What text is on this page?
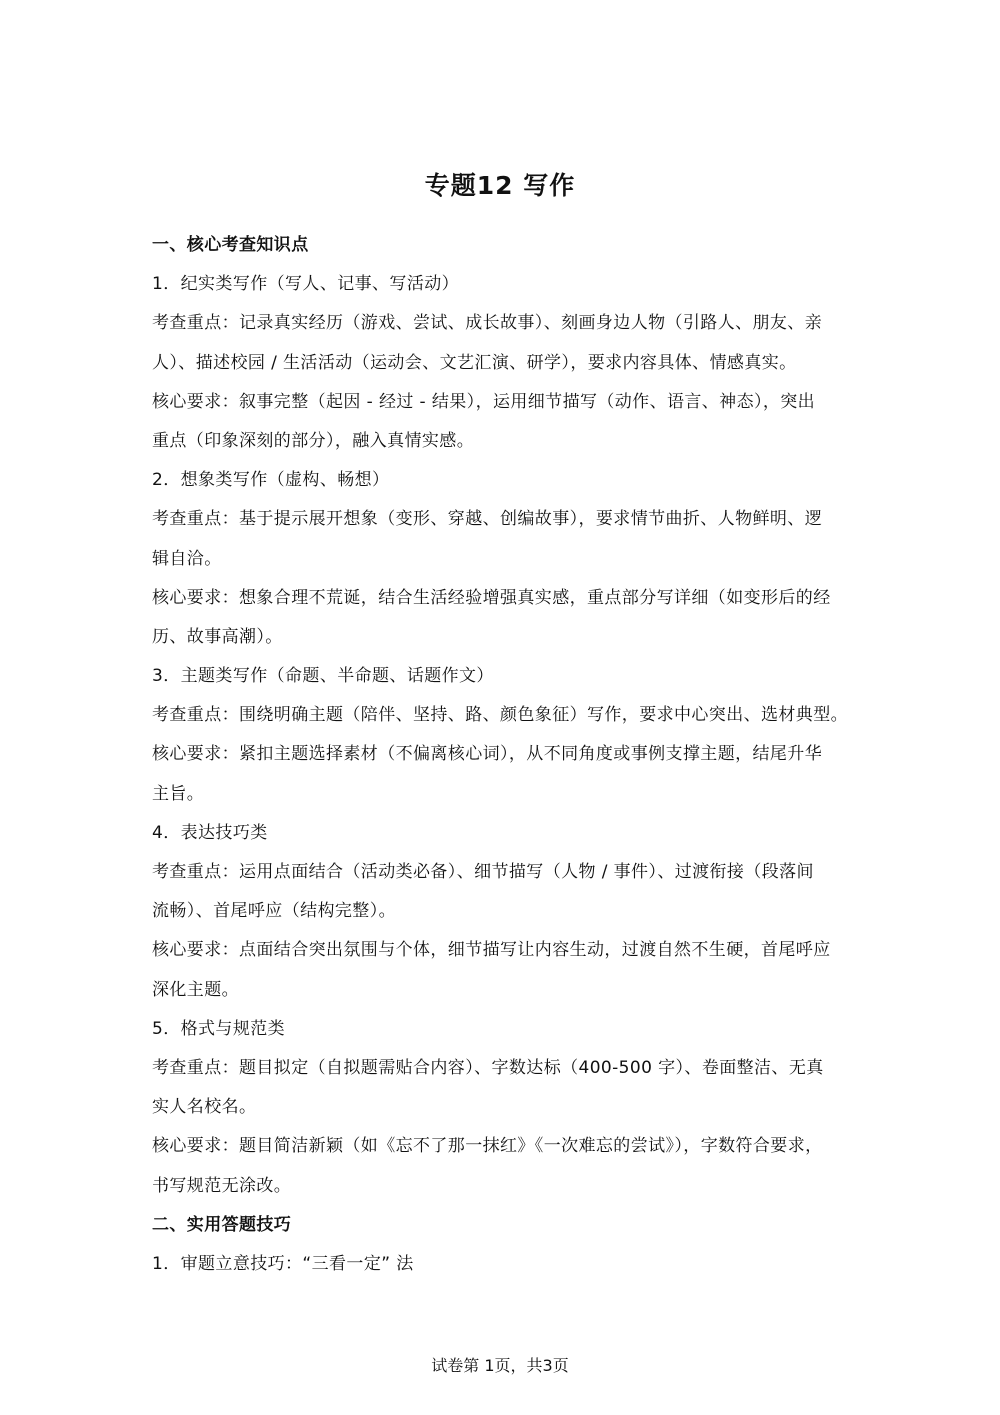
专题12 写作
一、核心考查知识点
1．纪实类写作（写人、记事、写活动）
考查重点：记录真实经历（游戏、尝试、成长故事）、刻画身边人物（引路人、朋友、亲
人）、描述校园 / 生活活动（运动会、文艺汇演、研学），要求内容具体、情感真实。
核心要求：叙事完整（起因 - 经过 - 结果），运用细节描写（动作、语言、神态），突出
重点（印象深刻的部分），融入真情实感。
2．想象类写作（虚构、畅想）
考查重点：基于提示展开想象（变形、穿越、创编故事），要求情节曲折、人物鲜明、逻
辑自洽。
核心要求：想象合理不荒诞，结合生活经验增强真实感，重点部分写详细（如变形后的经
历、故事高潮）。
3．主题类写作（命题、半命题、话题作文）
考查重点：围绕明确主题（陪伴、坚持、路、颜色象征）写作，要求中心突出、选材典型。
核心要求：紧扣主题选择素材（不偏离核心词），从不同角度或事例支撑主题，结尾升华
主旨。
4．表达技巧类
考查重点：运用点面结合（活动类必备）、细节描写（人物 / 事件）、过渡衔接（段落间
流畅）、首尾呼应（结构完整）。
核心要求：点面结合突出氛围与个体，细节描写让内容生动，过渡自然不生硬，首尾呼应
深化主题。
5．格式与规范类
考查重点：题目拟定（自拟题需贴合内容）、字数达标（400-500 字）、卷面整洁、无真
实人名校名。
核心要求：题目简洁新颖（如《忘不了那一抹红》《一次难忘的尝试》），字数符合要求，
书写规范无涂改。
二、实用答题技巧
1．审题立意技巧：“三看一定” 法
试卷第 1页，共3页
